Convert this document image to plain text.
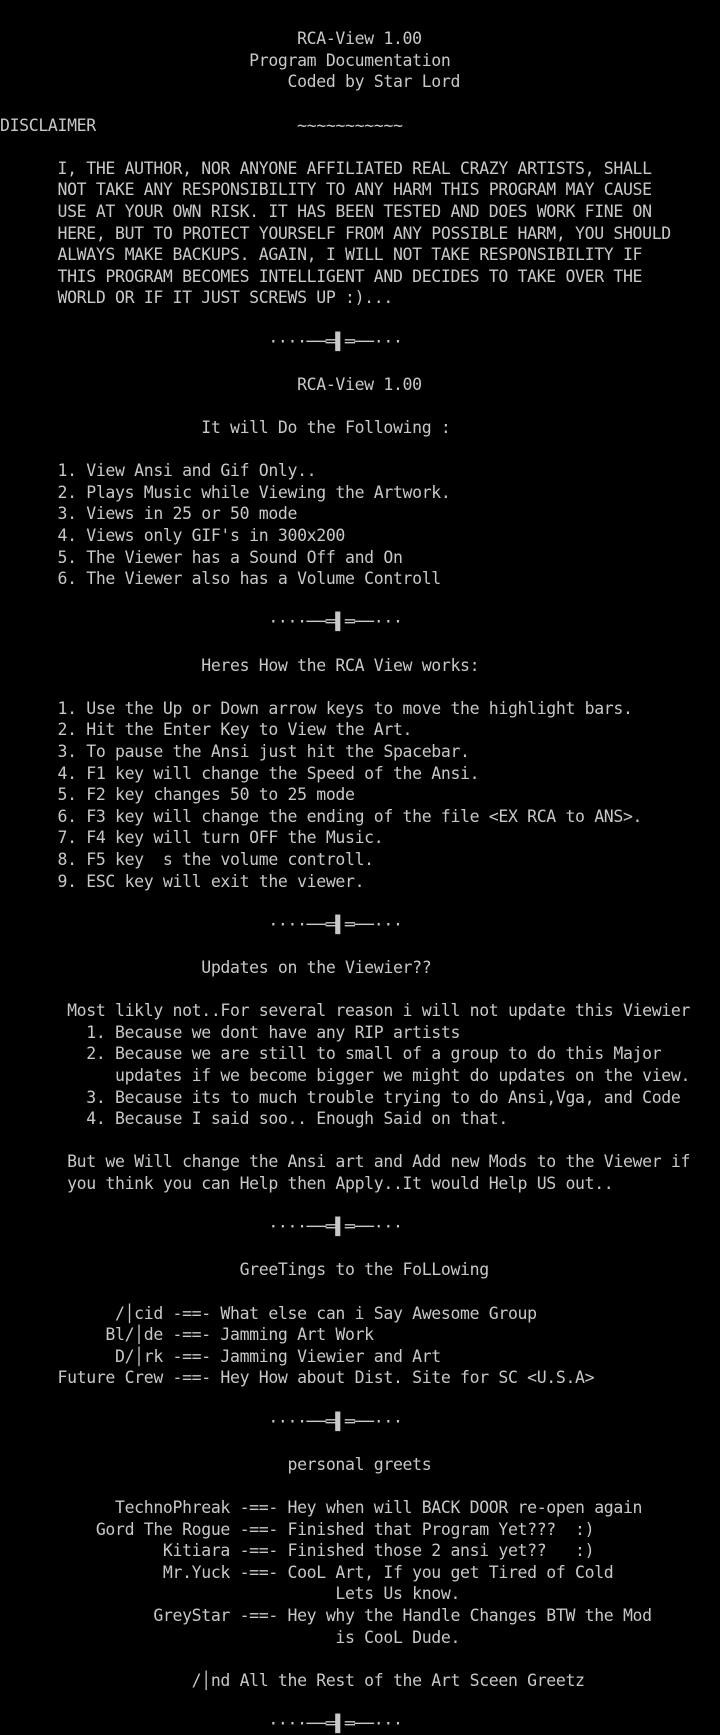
RCA-View 1.00
Program Documentation
Coded by Star Lord
DISCLAIMER                     ~~~~~~~~~~~
I, THE AUTHOR, NOR ANYONE AFFILIATED REAL CRAZY ARTISTS, SHALL
NOT TAKE ANY RESPONSIBILITY TO ANY HARM THIS PROGRAM MAY CAUSE
USE AT YOUR OWN RISK. IT HAS BEEN TESTED AND DOES WORK FINE ON
HERE, BUT TO PROTECT YOURSELF FROM ANY POSSIBLE HARM, YOU SHOULD
ALWAYS MAKE BACKUPS. AGAIN, I WILL NOT TAKE RESPONSIBILITY IF
THIS PROGRAM BECOMES INTELLIGENT AND DECIDES TO TAKE OVER THE
WORLD OR IF IT JUST SCREWS UP :)...
····──═▌═──···
RCA-View 1.00
It will Do the Following :
1. View Ansi and Gif Only..
2. Plays Music while Viewing the Artwork.
3. Views in 25 or 50 mode
4. Views only GIF's in 300x200
5. The Viewer has a Sound Off and On
6. The Viewer also has a Volume Controll
····──═▌═──···
Heres How the RCA View works:
1. Use the Up or Down arrow keys to move the highlight bars.
2. Hit the Enter Key to View the Art.
3. To pause the Ansi just hit the Spacebar.
4. F1 key will change the Speed of the Ansi.
5. F2 key changes 50 to 25 mode
6. F3 key will change the ending of the file <EX RCA to ANS>.
7. F4 key will turn OFF the Music.
8. F5 key  s the volume controll.
9. ESC key will exit the viewer.
····──═▌═──···
Updates on the Viewier??
Most likly not..For several reason i will not update this Viewier
1. Because we dont have any RIP artists
2. Because we are still to small of a group to do this Major
updates if we become bigger we might do updates on the view.
3. Because its to much trouble trying to do Ansi,Vga, and Code
4. Because I said soo.. Enough Said on that.
But we Will change the Ansi art and Add new Mods to the Viewer if
you think you can Help then Apply..It would Help US out..
····──═▌═──···
GreeTings to the FoLLowing
/│cid -==- What else can i Say Awesome Group
Bl/│de -==- Jamming Art Work
D/│rk -==- Jamming Viewier and Art
Future Crew -==- Hey How about Dist. Site for SC <U.S.A>
····──═▌═──···
personal greets
TechnoPhreak -==- Hey when will BACK DOOR re-open again
Gord The Rogue -==- Finished that Program Yet???  :)
Kitiara -==- Finished those 2 ansi yet??   :)
Mr.Yuck -==- CooL Art, If you get Tired of Cold
Lets Us know.
GreyStar -==- Hey why the Handle Changes BTW the Mod
is CooL Dude.
/│nd All the Rest of the Art Sceen Greetz
····──═▌═──···
